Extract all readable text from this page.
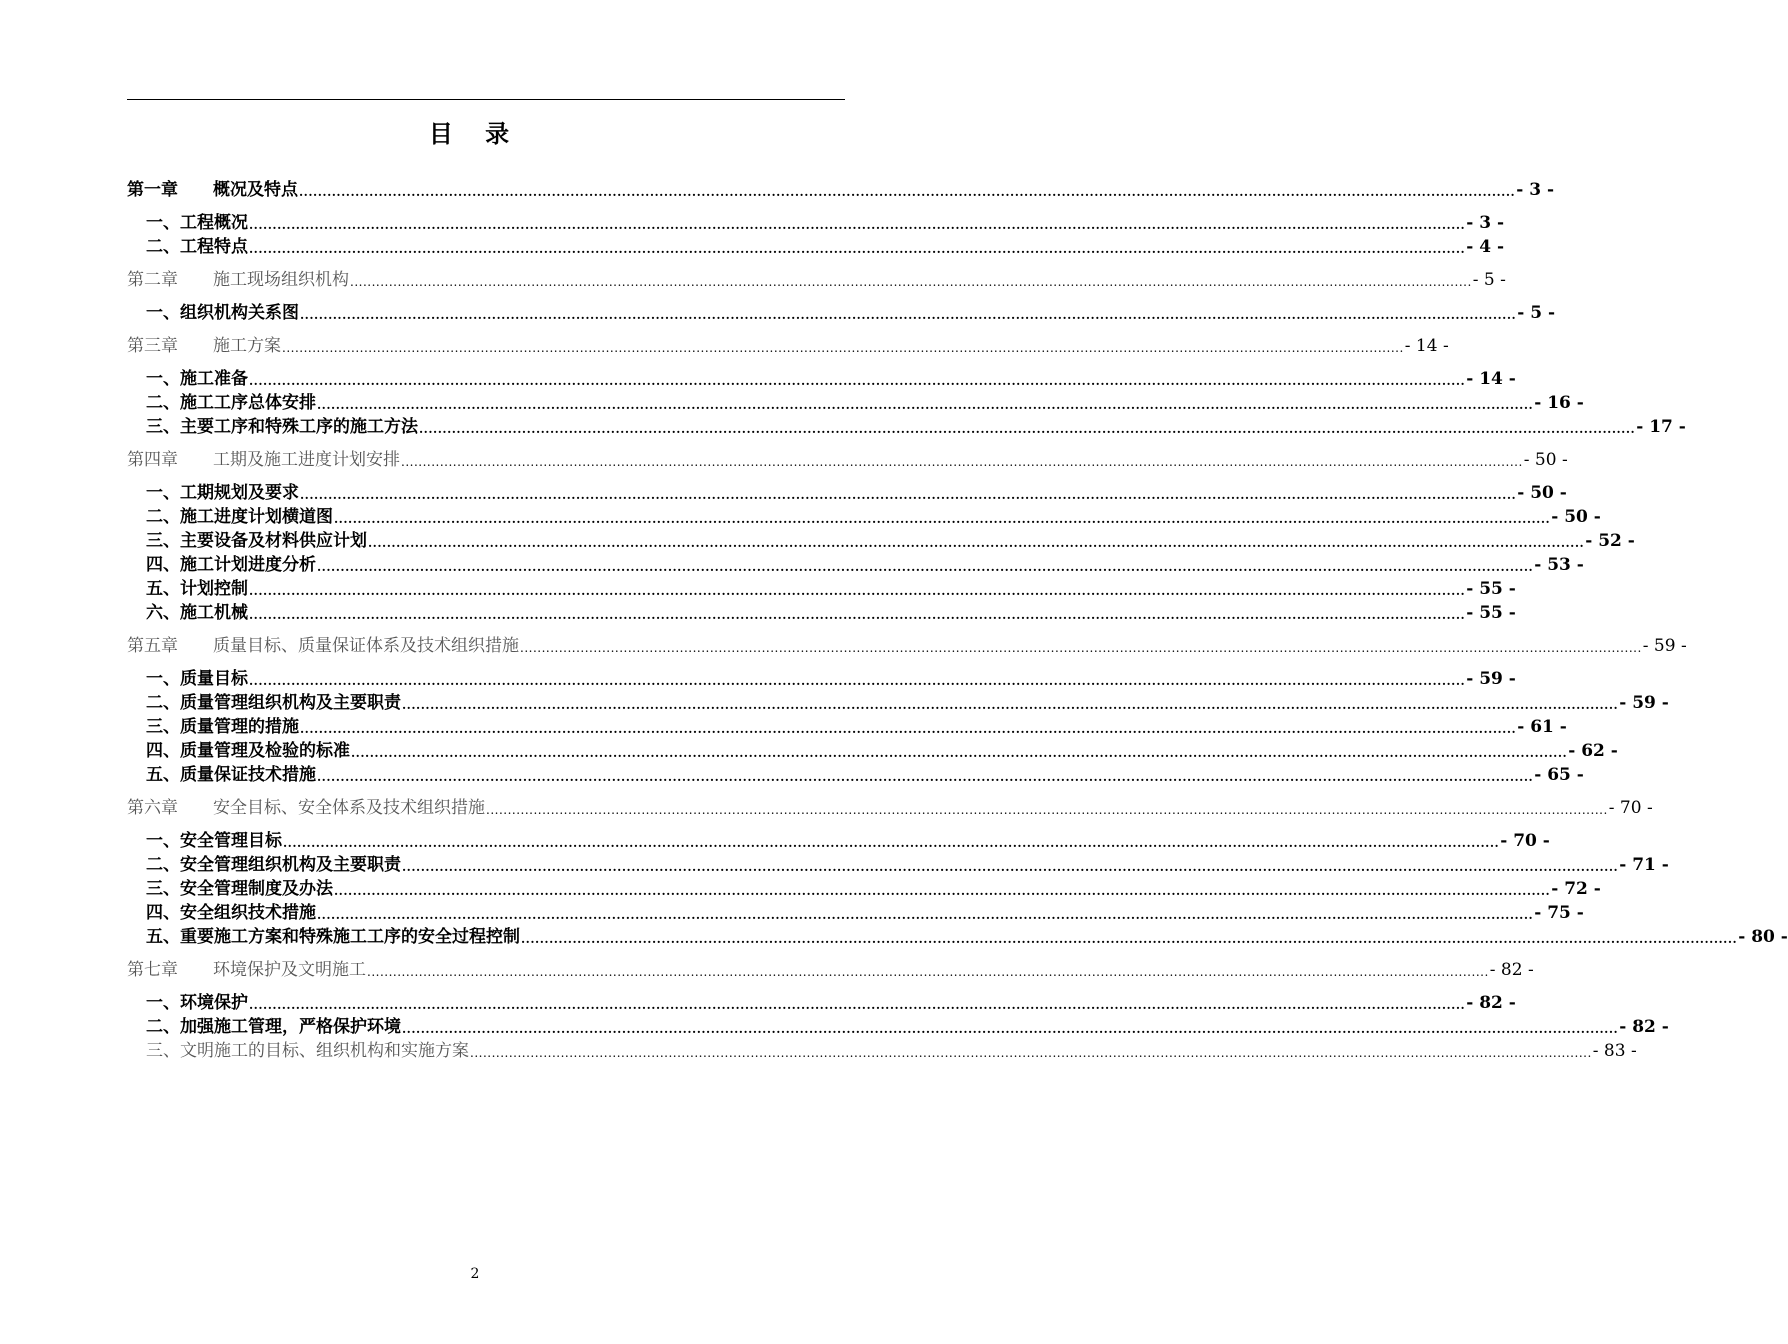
目 录
第一章 概况及特点 .................................................................................................................................................................................................................................................................... - 3 -
一、工程概况 .................................................................................................................................................................................................................................................................... - 3 -
二、工程特点 .................................................................................................................................................................................................................................................................... - 4 -
第二章 施工现场组织机构 .................................................................................................................................................................................................................................................................... - 5 -
一、组织机构关系图 .................................................................................................................................................................................................................................................................... - 5 -
第三章 施工方案 .................................................................................................................................................................................................................................................................... - 14 -
一、施工准备 .................................................................................................................................................................................................................................................................... - 14 -
二、施工工序总体安排 .................................................................................................................................................................................................................................................................... - 16 -
三、主要工序和特殊工序的施工方法 .................................................................................................................................................................................................................................................................... - 17 -
第四章 工期及施工进度计划安排 .................................................................................................................................................................................................................................................................... - 50 -
一、工期规划及要求 .................................................................................................................................................................................................................................................................... - 50 -
二、施工进度计划横道图 .................................................................................................................................................................................................................................................................... - 50 -
三、主要设备及材料供应计划 .................................................................................................................................................................................................................................................................... - 52 -
四、施工计划进度分析 .................................................................................................................................................................................................................................................................... - 53 -
五、计划控制 .................................................................................................................................................................................................................................................................... - 55 -
六、施工机械 .................................................................................................................................................................................................................................................................... - 55 -
第五章 质量目标、质量保证体系及技术组织措施 .................................................................................................................................................................................................................................................................... - 59 -
一、质量目标 .................................................................................................................................................................................................................................................................... - 59 -
二、质量管理组织机构及主要职责 .................................................................................................................................................................................................................................................................... - 59 -
三、质量管理的措施 .................................................................................................................................................................................................................................................................... - 61 -
四、质量管理及检验的标准 .................................................................................................................................................................................................................................................................... - 62 -
五、质量保证技术措施 .................................................................................................................................................................................................................................................................... - 65 -
第六章 安全目标、安全体系及技术组织措施 .................................................................................................................................................................................................................................................................... - 70 -
一、安全管理目标 .................................................................................................................................................................................................................................................................... - 70 -
二、安全管理组织机构及主要职责 .................................................................................................................................................................................................................................................................... - 71 -
三、安全管理制度及办法 .................................................................................................................................................................................................................................................................... - 72 -
四、安全组织技术措施 .................................................................................................................................................................................................................................................................... - 75 -
五、重要施工方案和特殊施工工序的安全过程控制 .................................................................................................................................................................................................................................................................... - 80 -
第七章 环境保护及文明施工 .................................................................................................................................................................................................................................................................... - 82 -
一、环境保护 .................................................................................................................................................................................................................................................................... - 82 -
二、加强施工管理，严格保护环境 .................................................................................................................................................................................................................................................................... - 82 -
三、文明施工的目标、组织机构和实施方案 .................................................................................................................................................................................................................................................................... - 83 -
2
